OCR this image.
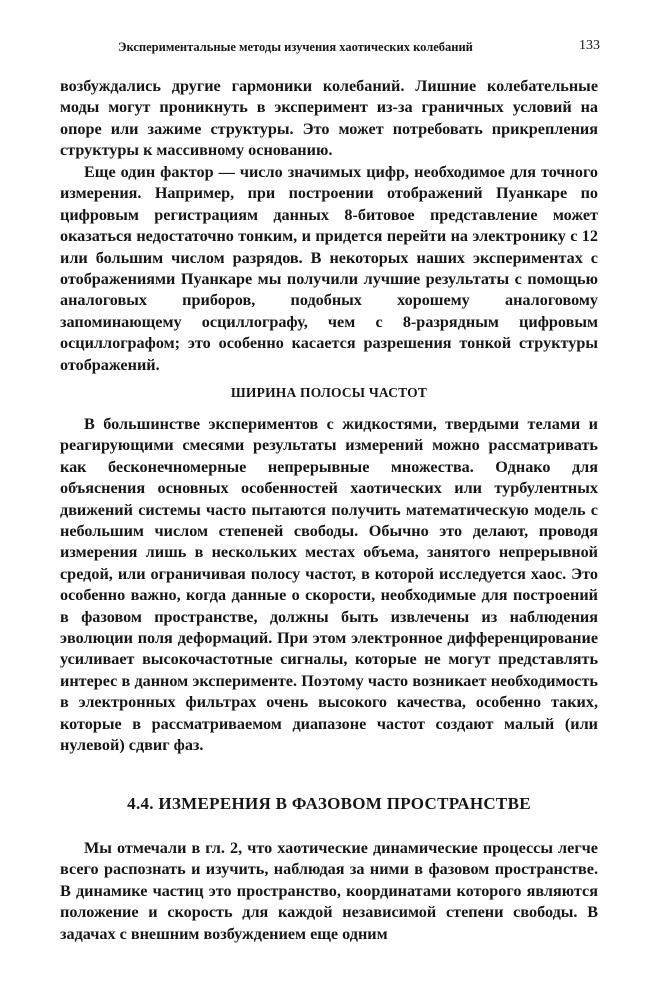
Экспериментальные методы изучения хаотических колебаний	133

возбуждались другие гармоники колебаний. Лишние колебательные моды могут проникнуть в эксперимент из-за граничных условий на опоре или зажиме структуры. Это может потребовать прикрепления структуры к массивному основанию.

Еще один фактор — число значимых цифр, необходимое для точного измерения. Например, при построении отображений Пуанкаре по цифровым регистрациям данных 8-битовое представление может оказаться недостаточно тонким, и придется перейти на электронику с 12 или большим числом разрядов. В некоторых наших экспериментах с отображениями Пуанкаре мы получили лучшие результаты с помощью аналоговых приборов, подобных хорошему аналоговому запоминающему осциллографу, чем с 8-разрядным цифровым осциллографом; это особенно касается разрешения тонкой структуры отображений.

ШИРИНА ПОЛОСЫ ЧАСТОТ

В большинстве экспериментов с жидкостями, твердыми телами и реагирующими смесями результаты измерений можно рассматривать как бесконечномерные непрерывные множества. Однако для объяснения основных особенностей хаотических или турбулентных движений системы часто пытаются получить математическую модель с небольшим числом степеней свободы. Обычно это делают, проводя измерения лишь в нескольких местах объема, занятого непрерывной средой, или ограничивая полосу частот, в которой исследуется хаос. Это особенно важно, когда данные о скорости, необходимые для построений в фазовом пространстве, должны быть извлечены из наблюдения эволюции поля деформаций. При этом электронное дифференцирование усиливает высокочастотные сигналы, которые не могут представлять интерес в данном эксперименте. Поэтому часто возникает необходимость в электронных фильтрах очень высокого качества, особенно таких, которые в рассматриваемом диапазоне частот создают малый (или нулевой) сдвиг фаз.

4.4. ИЗМЕРЕНИЯ В ФАЗОВОМ ПРОСТРАНСТВЕ

Мы отмечали в гл. 2, что хаотические динамические процессы легче всего распознать и изучить, наблюдая за ними в фазовом пространстве. В динамике частиц это пространство, координатами которого являются положение и скорость для каждой независимой степени свободы. В задачах с внешним возбуждением еще одним
